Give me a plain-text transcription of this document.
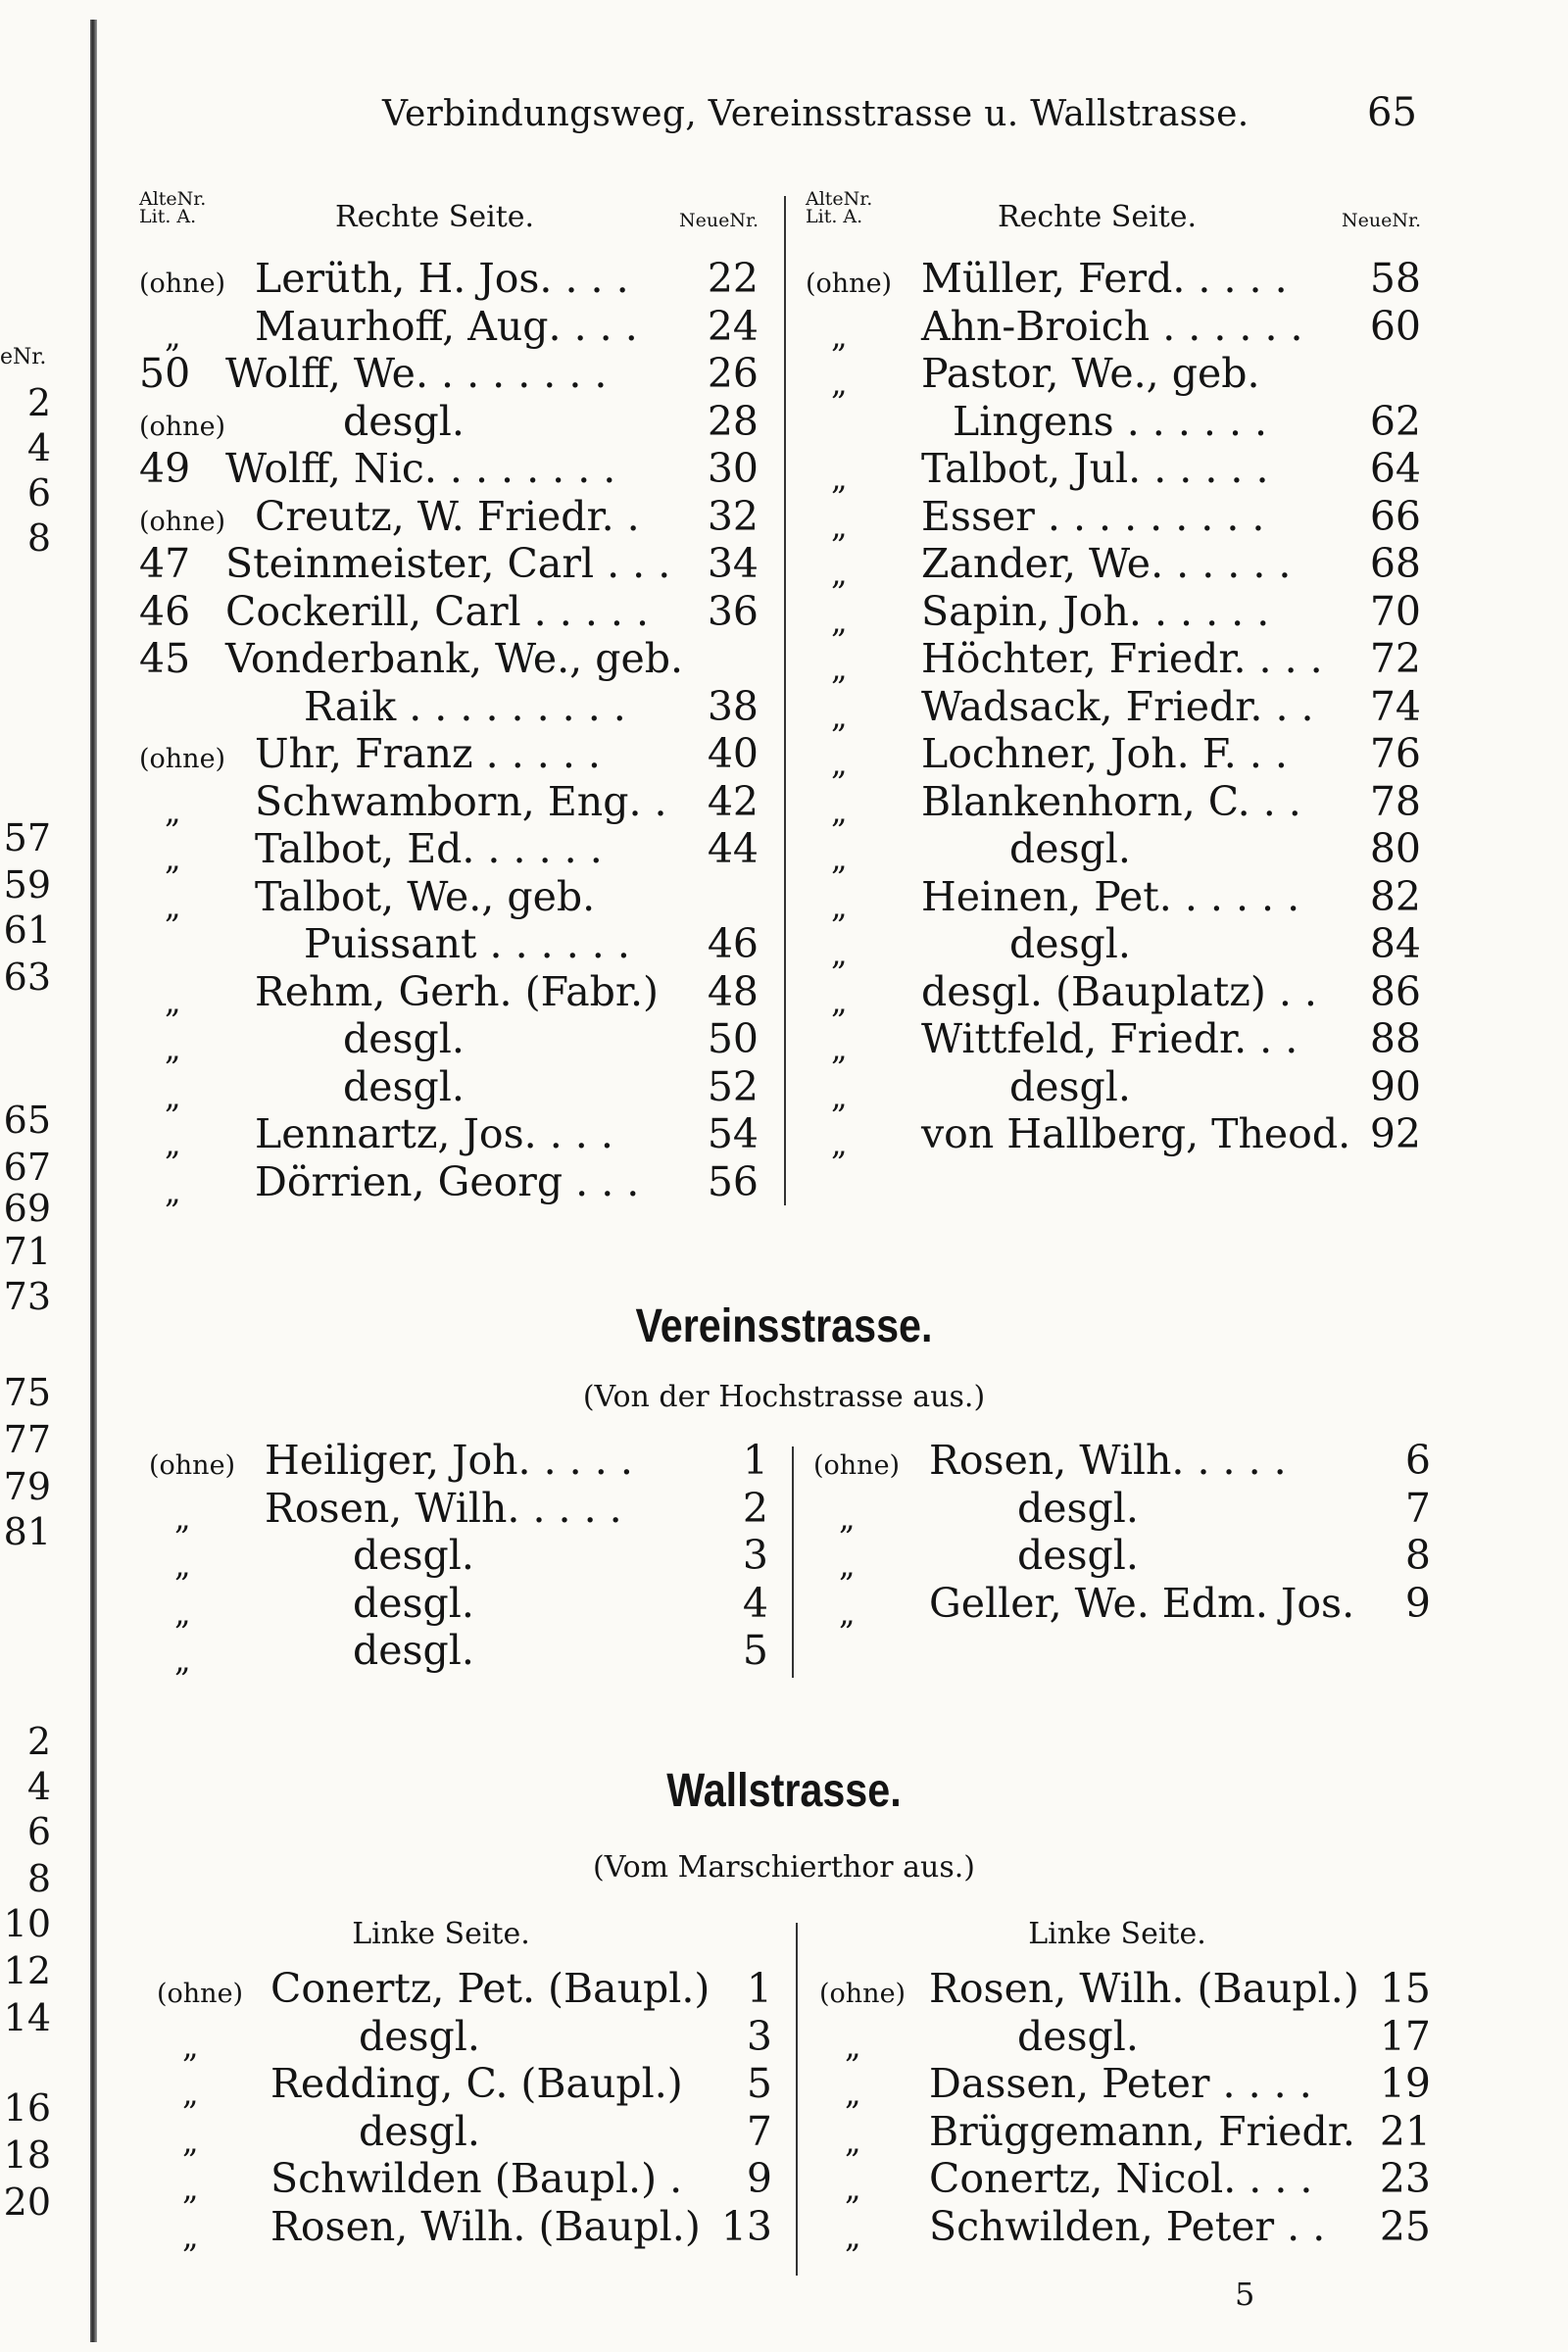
eNr.
2
4
6
8
57
59
61
63
65
67
69
71
73
75
77
79
81
2
4
6
8
10
12
14
16
18
20
Verbindungsweg, Vereinsstrasse u. Wallstrasse.	65
AlteNr.
Lit. A.	Rechte Seite.	NeueNr.
(ohne) Lerüth, H. Jos. . . . 22
„ Maurhoff, Aug. . . . 24
50 Wolff, We. . . . . . . . 26
(ohne)	desgl.	28
49 Wolff, Nic. . . . . . . . 30
(ohne) Creutz, W. Friedr. . 32
47 Steinmeister, Carl . . . 34
46 Cockerill, Carl . . . . . 36
45 Vonderbank, We., geb.
Raik . . . . . . . . . 38
(ohne) Uhr, Franz . . . . .	40
„ Schwamborn, Eng. . 42
„ Talbot, Ed. . . . . .	44
„ Talbot, We., geb.
Puissant . . . . . . 46
„ Rehm, Gerh. (Fabr.) 48
„	desgl.	50
„	desgl.	52
„ Lennartz, Jos. . . . 54
„ Dörrien, Georg . . . 56
AlteNr.
Lit. A.	Rechte Seite.	NeueNr.
(ohne) Müller, Ferd. . . . . 58
„ Ahn-Broich . . . . . . 60
„ Pastor, We., geb.
Lingens . . . . . .	62
„ Talbot, Jul. . . . . .	64
„ Esser . . . . . . . . .	66
„ Zander, We. . . . . . 68
„ Sapin, Joh. . . . . .	70
„ Höchter, Friedr. . . . 72
„ Wadsack, Friedr. . . 74
„ Lochner, Joh. F. . . 76
„ Blankenhorn, C. . . 78
„	desgl.	80
„ Heinen, Pet. . . . . . 82
„	desgl.	84
„ desgl. (Bauplatz) . . 86
„ Wittfeld, Friedr. . . 88
„	desgl.	90
„ von Hallberg, Theod. 92
Vereinsstrasse.
(Von der Hochstrasse aus.)
(ohne) Heiliger, Joh. . . . .	1
„ Rosen, Wilh. . . . .	2
„	desgl.	3
„	desgl.	4
„	desgl.	5
(ohne) Rosen, Wilh. . . . .	6
„	desgl.	7
„	desgl.	8
„ Geller, We. Edm. Jos. 9
Wallstrasse.
(Vom Marschierthor aus.)
Linke Seite.	Linke Seite.
(ohne) Conertz, Pet. (Baupl.) 1
„	desgl.	3
„ Redding, C. (Baupl.) 5
„	desgl.	7
„ Schwilden (Baupl.) . 9
„ Rosen, Wilh. (Baupl.) 13
(ohne) Rosen, Wilh. (Baupl.) 15
„	desgl.	17
„ Dassen, Peter . . . . 19
„ Brüggemann, Friedr. 21
„ Conertz, Nicol. . . . 23
„ Schwilden, Peter . . 25
5
